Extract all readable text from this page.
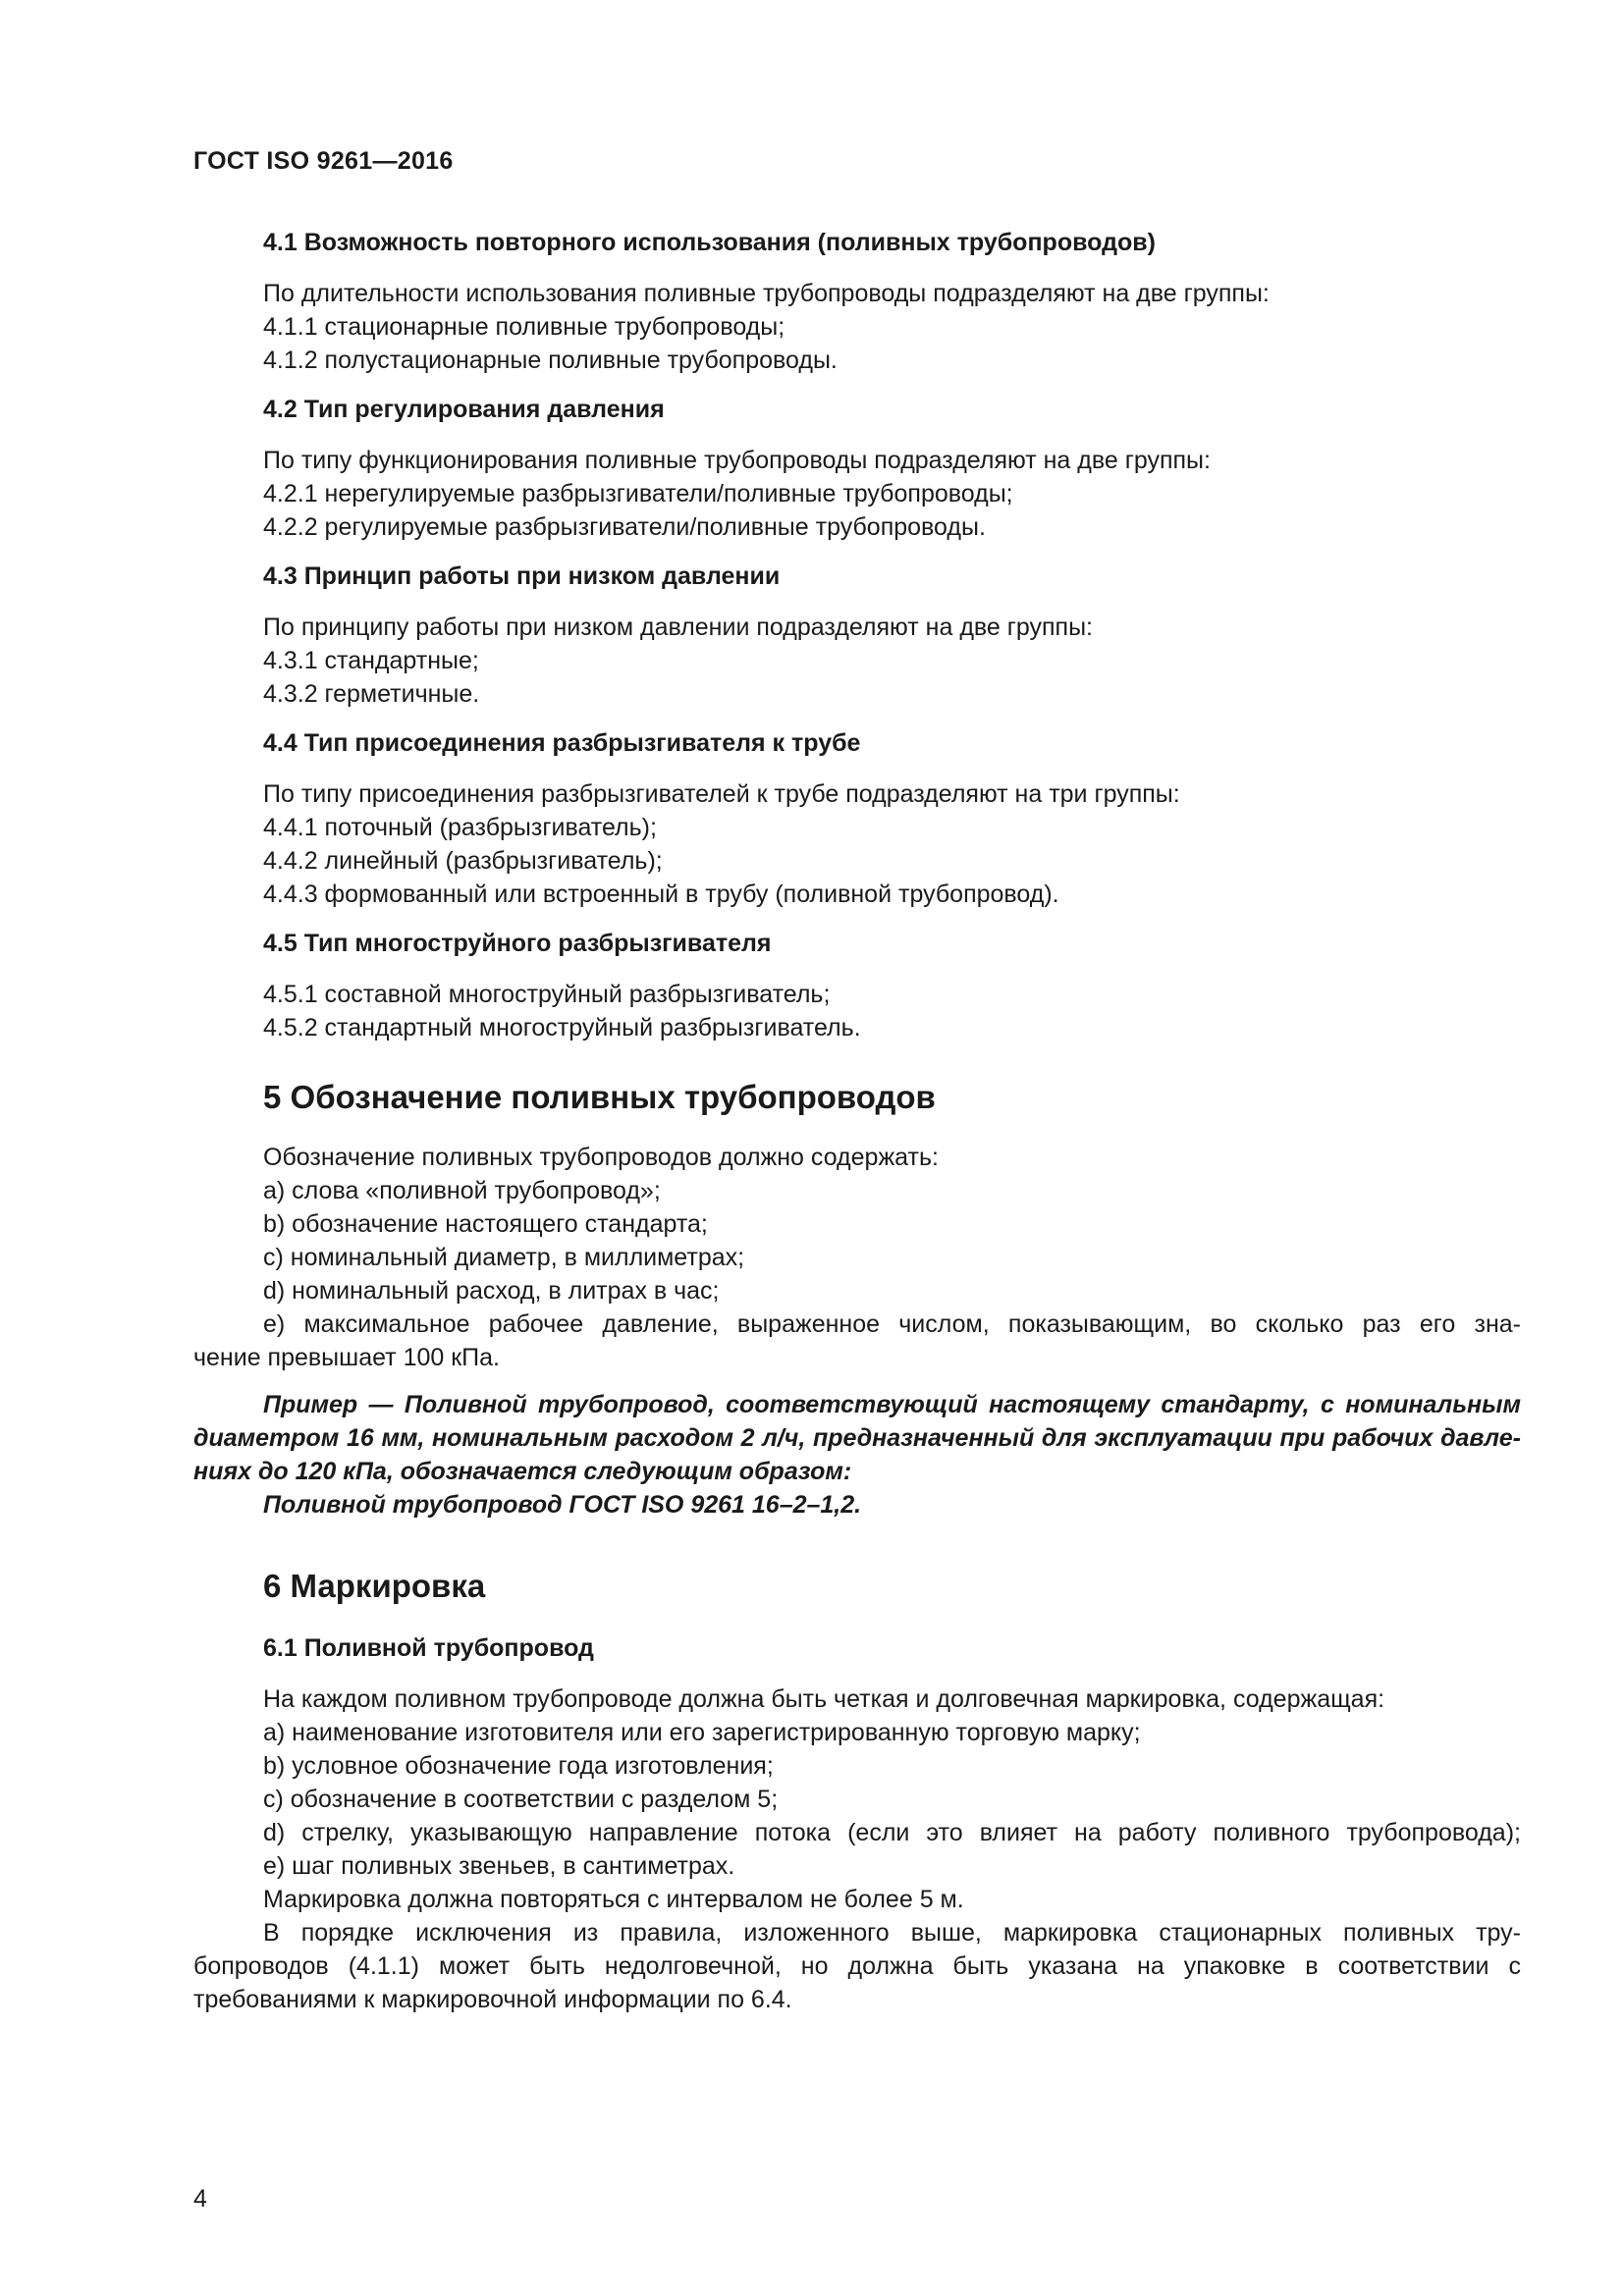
ГОСТ ISO 9261—2016

4.1 Возможность повторного использования (поливных трубопроводов)

По длительности использования поливные трубопроводы подразделяют на две группы:

4.1.1 стационарные поливные трубопроводы;

4.1.2 полустационарные поливные трубопроводы.

4.2 Тип регулирования давления

По типу функционирования поливные трубопроводы подразделяют на две группы:

4.2.1 нерегулируемые разбрызгиватели/поливные трубопроводы;

4.2.2 регулируемые разбрызгиватели/поливные трубопроводы.

4.3 Принцип работы при низком давлении

По принципу работы при низком давлении подразделяют на две группы:

4.3.1 стандартные;

4.3.2 герметичные.

4.4 Тип присоединения разбрызгивателя к трубе

По типу присоединения разбрызгивателей к трубе подразделяют на три группы:

4.4.1 поточный (разбрызгиватель);

4.4.2 линейный (разбрызгиватель);

4.4.3 формованный или встроенный в трубу (поливной трубопровод).

4.5 Тип многоструйного разбрызгивателя

4.5.1 составной многоструйный разбрызгиватель;

4.5.2 стандартный многоструйный разбрызгиватель.

5 Обозначение поливных трубопроводов

Обозначение поливных трубопроводов должно содержать:

a) слова «поливной трубопровод»;

b) обозначение настоящего стандарта;

c) номинальный диаметр, в миллиметрах;

d) номинальный расход, в литрах в час;

e) максимальное рабочее давление, выраженное числом, показывающим, во сколько раз его зна-

чение превышает 100 кПа.

Пример — Поливной трубопровод, соответствующий настоящему стандарту, с номинальным

диаметром 16 мм, номинальным расходом 2 л/ч, предназначенный для эксплуатации при рабочих давле-

ниях до 120 кПа, обозначается следующим образом:

Поливной трубопровод ГОСТ ISO 9261 16–2–1,2.

6 Маркировка

6.1 Поливной трубопровод

На каждом поливном трубопроводе должна быть четкая и долговечная маркировка, содержащая:

a) наименование изготовителя или его зарегистрированную торговую марку;

b) условное обозначение года изготовления;

c) обозначение в соответствии с разделом 5;

d) стрелку, указывающую направление потока (если это влияет на работу поливного трубопровода);

e) шаг поливных звеньев, в сантиметрах.

Маркировка должна повторяться с интервалом не более 5 м.

В порядке исключения из правила, изложенного выше, маркировка стационарных поливных тру-

бопроводов (4.1.1) может быть недолговечной, но должна быть указана на упаковке в соответствии с

требованиями к маркировочной информации по 6.4.

4
